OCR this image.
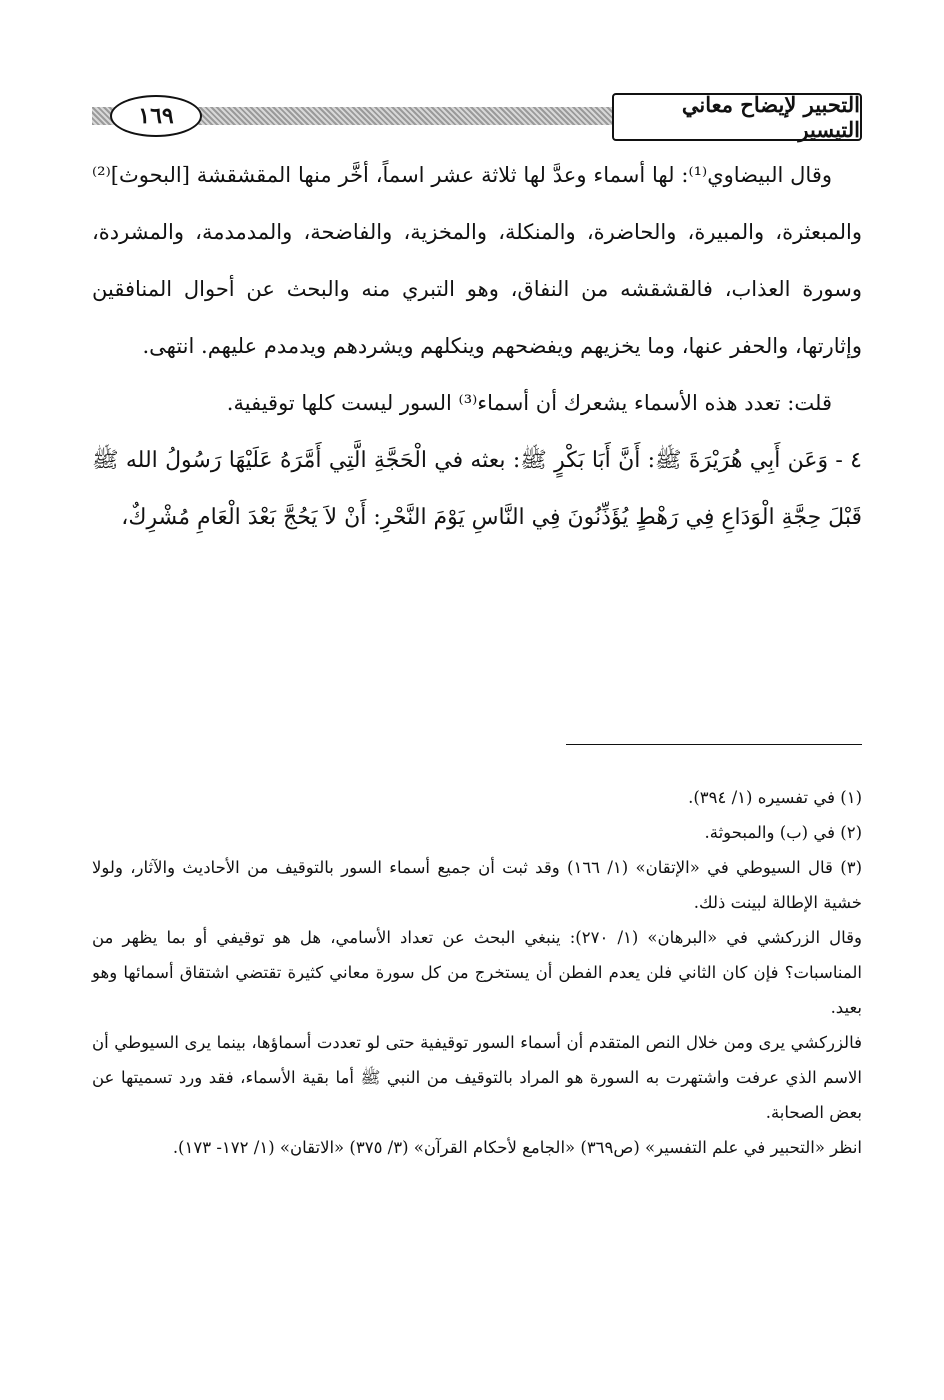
التحبير لإيضاح معاني التيسير
١٦٩

وقال البيضاوي⁽¹⁾: لها أسماء وعدَّ لها ثلاثة عشر اسماً، أخَّر منها المقشقشة [البحوث]⁽²⁾ والمبعثرة، والمبيرة، والحاضرة، والمنكلة، والمخزية، والفاضحة، والمدمدمة، والمشردة، وسورة العذاب، فالقشقشه من النفاق، وهو التبري منه والبحث عن أحوال المنافقين وإثارتها، والحفر عنها، وما يخزيهم ويفضحهم وينكلهم ويشردهم ويدمدم عليهم. انتهى.

قلت: تعدد هذه الأسماء يشعرك أن أسماء⁽³⁾ السور ليست كلها توقيفية.

٤ - وَعَن أَبِي هُرَيْرَةَ ﷺ: أَنَّ أَبَا بَكْرٍ ﷺ: بعثه في الْحَجَّةِ الَّتِي أَمَّرَهُ عَلَيْهَا رَسُولُ الله ﷺ قَبْلَ حِجَّةِ الْوَدَاعِ فِي رَهْطٍ يُؤَذِّنُونَ فِي النَّاسِ يَوْمَ النَّحْرِ: أَنْ لاَ يَحُجَّ بَعْدَ الْعَامِ مُشْرِكٌ،

(١) في تفسيره (١/ ٣٩٤).

(٢) في (ب) والمبحوثة.

(٣) قال السيوطي في «الإتقان» (١/ ١٦٦) وقد ثبت أن جميع أسماء السور بالتوقيف من الأحاديث والآثار، ولولا خشية الإطالة لبينت ذلك.

وقال الزركشي في «البرهان» (١/ ٢٧٠): ينبغي البحث عن تعداد الأسامي، هل هو توقيفي أو بما يظهر من المناسبات؟ فإن كان الثاني فلن يعدم الفطن أن يستخرج من كل سورة معاني كثيرة تقتضي اشتقاق أسمائها وهو بعيد.

فالزركشي يرى ومن خلال النص المتقدم أن أسماء السور توقيفية حتى لو تعددت أسماؤها، بينما يرى السيوطي أن الاسم الذي عرفت واشتهرت به السورة هو المراد بالتوقيف من النبي ﷺ أما بقية الأسماء، فقد ورد تسميتها عن بعض الصحابة.

انظر «التحبير في علم التفسير» (ص٣٦٩) «الجامع لأحكام القرآن» (٣/ ٣٧٥) «الاتقان» (١/ ١٧٢- ١٧٣).
